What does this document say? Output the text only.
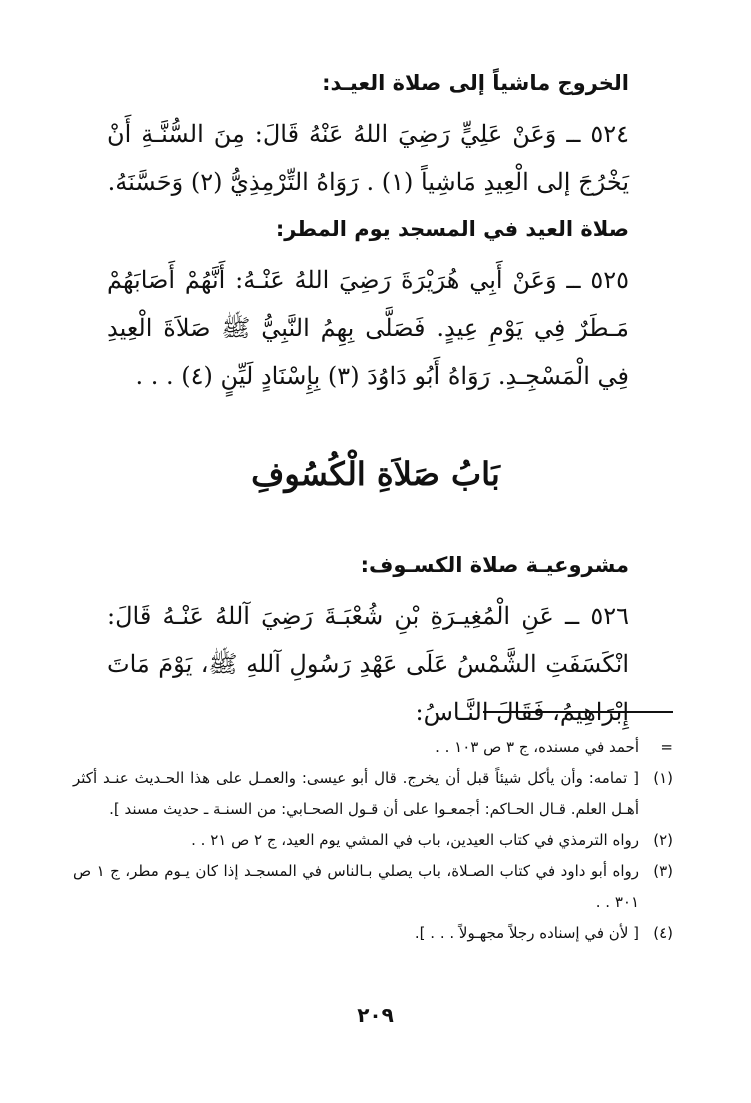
الخروج ماشياً إلى صلاة العيـد:
٥٢٤ ــ وَعَنْ عَلِيٍّ رَضِيَ اللهُ عَنْهُ قَالَ: مِنَ السُّنَّـةِ أَنْ يَخْرُجَ إلى الْعِيدِ مَاشِياً (١) . رَوَاهُ التِّرْمِذِيُّ (٢) وَحَسَّنَهُ.
صلاة العيد في المسجد يوم المطر:
٥٢٥ ــ وَعَنْ أَبِي هُرَيْرَةَ رَضِيَ اللهُ عَنْـهُ: أَنَّهُمْ أَصَابَهُمْ مَـطَرٌ فِي يَوْمِ عِيدٍ. فَصَلَّى بِهِمُ النَّبِيُّ ﷺ صَلاَةَ الْعِيدِ فِي الْمَسْجِـدِ. رَوَاهُ أَبُو دَاوُدَ (٣) بِإِسْنَادٍ لَيِّنٍ (٤) . . .
بَابُ صَلاَةِ الْكُسُوفِ
مشروعيـة صلاة الكسـوف:
٥٢٦ ــ عَنِ الْمُغِيـرَةِ بْنِ شُعْبَـةَ رَضِيَ آللهُ عَنْـهُ قَالَ: انْكَسَفَتِ الشَّمْسُ عَلَى عَهْدِ رَسُولِ آللهِ ﷺ، يَوْمَ مَاتَ إِبْرَاهِيمُ، فَقَالَ النَّـاسُ:
=
أحمد في مسنده، ج ٣ ص ١٠٣ . .
(١)
[ تمامه: وأن يأكل شيئاً قبل أن يخرج. قال أبو عيسى: والعمـل على هذا الحـديث عنـد أكثر أهـل العلم. قـال الحـاكم: أجمعـوا على أن قـول الصحـابي: من السنـة ـ حديث مسند ].
(٢)
رواه الترمذي في كتاب العيدين، باب في المشي يوم العيد، ج ٢ ص ٢١ . .
(٣)
رواه أبو داود في كتاب الصـلاة، باب يصلي بـالناس في المسجـد إذا كان يـوم مطر، ج ١ ص ٣٠١ . .
(٤)
[ لأن في إسناده رجلاً مجهـولاً . . . ].
٢٠٩
